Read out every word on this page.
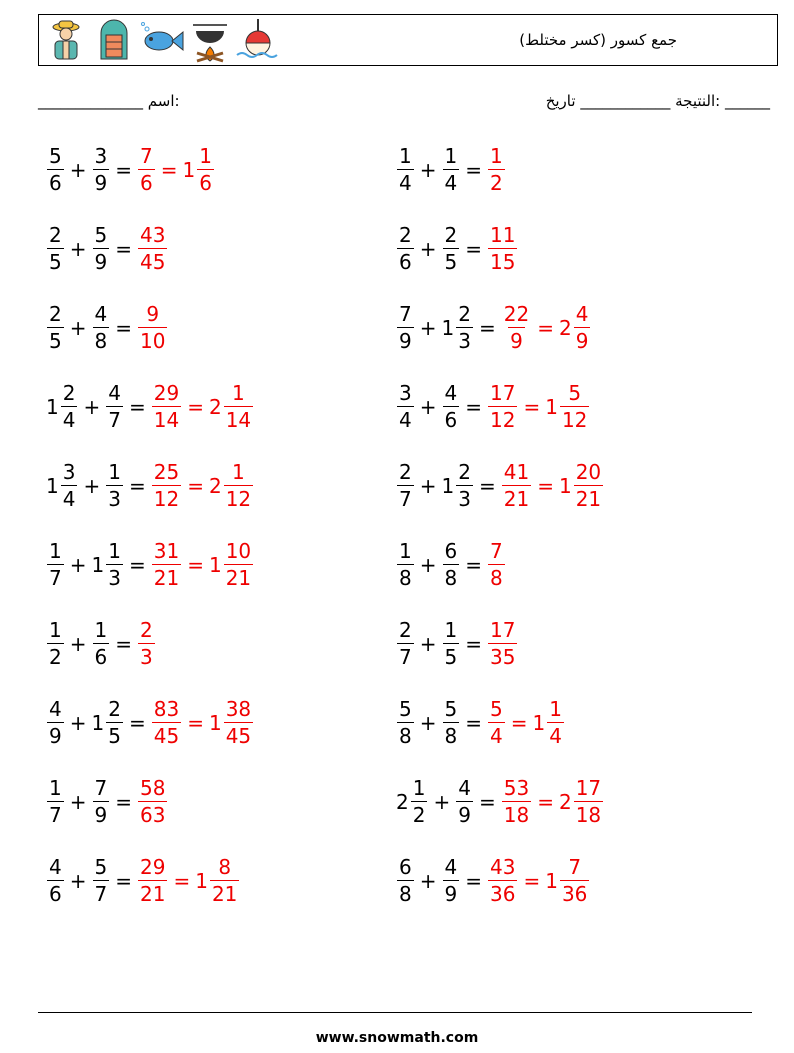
جمع كسور (كسر مختلط)
______________ اسم:	النتيجة ____________ تاريخ: ______
$\frac{5}{6} + \frac{3}{9} = \frac{7}{6} = 1 \frac{1}{6}$	$\frac{1}{4} + \frac{1}{4} = \frac{1}{2}$
$\frac{2}{5} + \frac{5}{9} = \frac{43}{45}$	$\frac{2}{6} + \frac{2}{5} = \frac{11}{15}$
$\frac{2}{5} + \frac{4}{8} = \frac{9}{10}$	$\frac{7}{9} + 1 \frac{2}{3} = \frac{22}{9} = 2 \frac{4}{9}$
$1 \frac{2}{4} + \frac{4}{7} = \frac{29}{14} = 2 \frac{1}{14}$	$\frac{3}{4} + \frac{4}{6} = \frac{17}{12} = 1 \frac{5}{12}$
$1 \frac{3}{4} + \frac{1}{3} = \frac{25}{12} = 2 \frac{1}{12}$	$\frac{2}{7} + 1 \frac{2}{3} = \frac{41}{21} = 1 \frac{20}{21}$
$\frac{1}{7} + 1 \frac{1}{3} = \frac{31}{21} = 1 \frac{10}{21}$	$\frac{1}{8} + \frac{6}{8} = \frac{7}{8}$
$\frac{1}{2} + \frac{1}{6} = \frac{2}{3}$	$\frac{2}{7} + \frac{1}{5} = \frac{17}{35}$
$\frac{4}{9} + 1 \frac{2}{5} = \frac{83}{45} = 1 \frac{38}{45}$	$\frac{5}{8} + \frac{5}{8} = \frac{5}{4} = 1 \frac{1}{4}$
$\frac{1}{7} + \frac{7}{9} = \frac{58}{63}$	$2 \frac{1}{2} + \frac{4}{9} = \frac{53}{18} = 2 \frac{17}{18}$
$\frac{4}{6} + \frac{5}{7} = \frac{29}{21} = 1 \frac{8}{21}$	$\frac{6}{8} + \frac{4}{9} = \frac{43}{36} = 1 \frac{7}{36}$
www.snowmath.com
